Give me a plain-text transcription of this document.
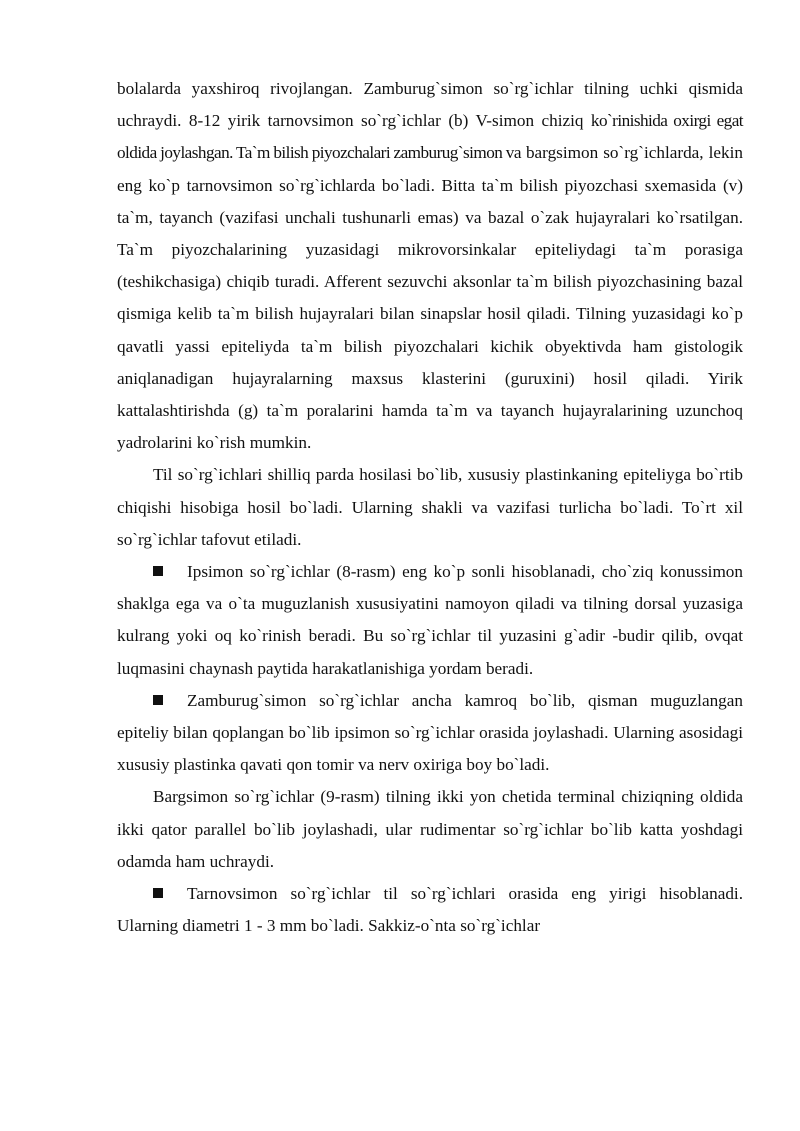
bolalarda yaxshiroq rivojlangan. Zamburug`simon so`rg`ichlar tilning uchki qismida uchraydi. 8-12 yirik tarnovsimon so`rg`ichlar (b) V-simon chiziq ko`rinishida oxirgi egat oldida joylashgan. Ta`m bilish piyozchalari zamburug`simon va bargsimon so`rg`ichlarda, lekin eng ko`p tarnovsimon so`rg`ichlarda bo`ladi. Bitta ta`m bilish piyozchasi sxemasida (v) ta`m, tayanch (vazifasi unchali tushunarli emas) va bazal o`zak hujayralari ko`rsatilgan. Ta`m piyozchalarining yuzasidagi mikrovorsinkalar epiteliydagi ta`m porasiga (teshikchasiga) chiqib turadi. Afferent sezuvchi aksonlar ta`m bilish piyozchasining bazal qismiga kelib ta`m bilish hujayralari bilan sinapslar hosil qiladi. Tilning yuzasidagi ko`p qavatli yassi epiteliyda ta`m bilish piyozchalari kichik obyektivda ham gistologik aniqlanadigan hujayralarning maxsus klasterini (guruxini) hosil qiladi. Yirik kattalashtirishda (g) ta`m poralarini hamda ta`m va tayanch hujayralarining uzunchoq yadrolarini ko`rish mumkin.

Til so`rg`ichlari shilliq parda hosilasi bo`lib, xususiy plastinkaning epiteliyga bo`rtib chiqishi hisobiga hosil bo`ladi. Ularning shakli va vazifasi turlicha bo`ladi. To`rt xil so`rg`ichlar tafovut etiladi.

Ipsimon so`rg`ichlar (8-rasm) eng ko`p sonli hisoblanadi, cho`ziq konussimon shaklga ega va o`ta muguzlanish xususiyatini namoyon qiladi va tilning dorsal yuzasiga kulrang yoki oq ko`rinish beradi. Bu so`rg`ichlar til yuzasini g`adir -budir qilib, ovqat luqmasini chaynash paytida harakatlanishiga yordam beradi.

Zamburug`simon so`rg`ichlar ancha kamroq bo`lib, qisman muguzlangan epiteliy bilan qoplangan bo`lib ipsimon so`rg`ichlar orasida joylashadi. Ularning asosidagi xususiy plastinka qavati qon tomir va nerv oxiriga boy bo`ladi.

Bargsimon so`rg`ichlar (9-rasm) tilning ikki yon chetida terminal chiziqning oldida ikki qator parallel bo`lib joylashadi, ular rudimentar so`rg`ichlar bo`lib katta yoshdagi odamda ham uchraydi.

Tarnovsimon so`rg`ichlar til so`rg`ichlari orasida eng yirigi hisoblanadi. Ularning diametri 1 - 3 mm bo`ladi. Sakkiz-o`nta so`rg`ichlar
